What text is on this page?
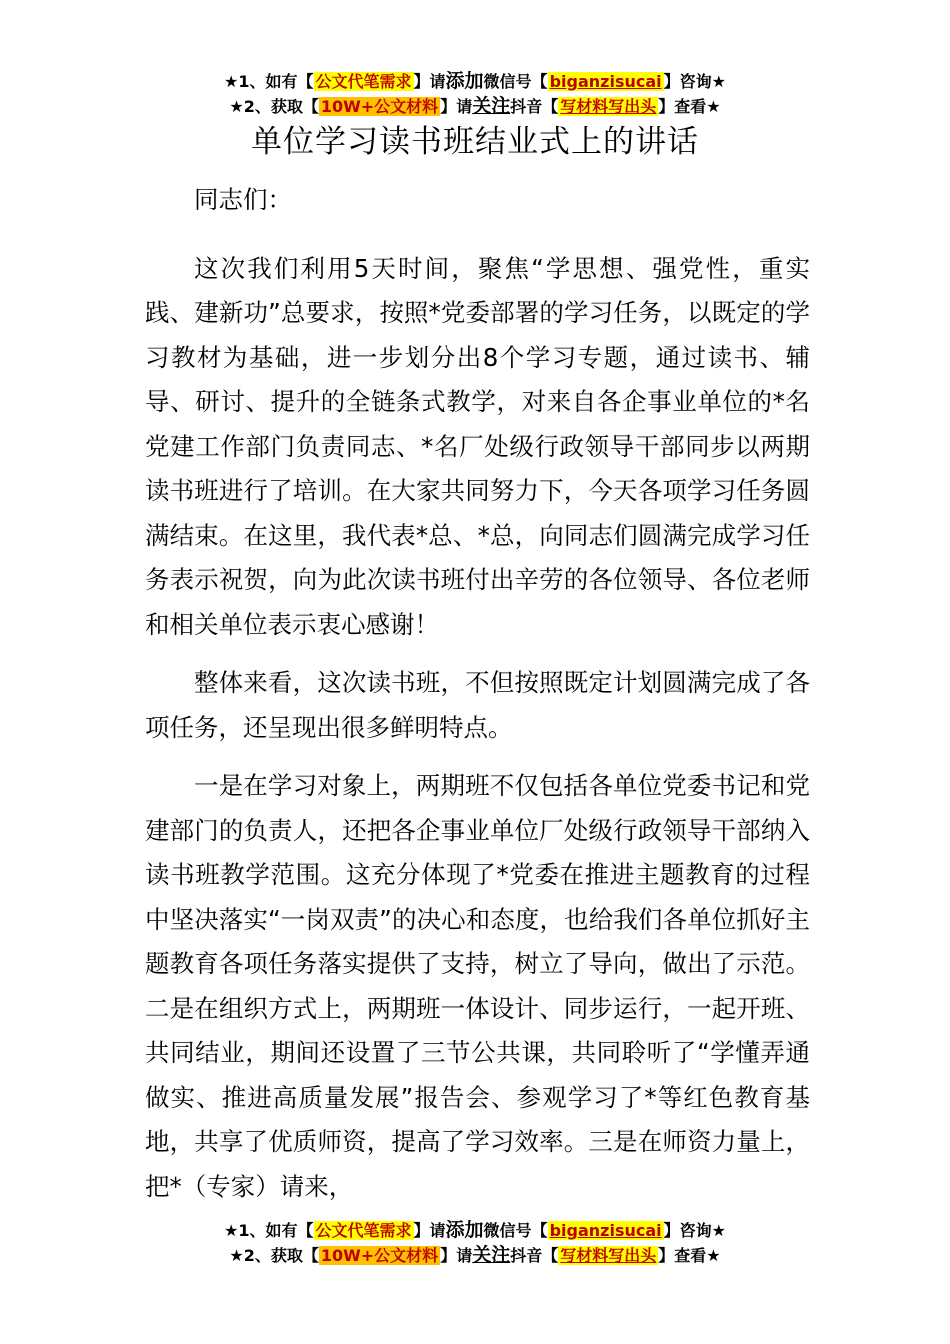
★1、如有【 公文代笔需求 】请添加微信号【 biganzisucai 】咨询★
★2、获取【 10W+公文材料 】请关注抖音【 写材料写出头 】查看★
单位学习读书班结业式上的讲话

同志们：

这次我们利用5天时间，聚焦“学思想、强党性，重实践、建新功”总要求，按照*党委部署的学习任务，以既定的学习教材为基础，进一步划分出8个学习专题，通过读书、辅导、研讨、提升的全链条式教学，对来自各企事业单位的*名党建工作部门负责同志、*名厂处级行政领导干部同步以两期读书班进行了培训。在大家共同努力下，今天各项学习任务圆满结束。在这里，我代表*总、*总，向同志们圆满完成学习任务表示祝贺，向为此次读书班付出辛劳的各位领导、各位老师和相关单位表示衷心感谢！

整体来看，这次读书班，不但按照既定计划圆满完成了各项任务，还呈现出很多鲜明特点。

一是在学习对象上，两期班不仅包括各单位党委书记和党建部门的负责人，还把各企事业单位厂处级行政领导干部纳入读书班教学范围。这充分体现了*党委在推进主题教育的过程中坚决落实“一岗双责”的决心和态度，也给我们各单位抓好主题教育各项任务落实提供了支持，树立了导向，做出了示范。二是在组织方式上，两期班一体设计、同步运行，一起开班、共同结业，期间还设置了三节公共课，共同聆听了“学懂弄通做实、推进高质量发展”报告会、参观学习了*等红色教育基地，共享了优质师资，提高了学习效率。三是在师资力量上，把*（专家）请来，

★1、如有【 公文代笔需求 】请添加微信号【 biganzisucai 】咨询★
★2、获取【 10W+公文材料 】请关注抖音【 写材料写出头 】查看★
